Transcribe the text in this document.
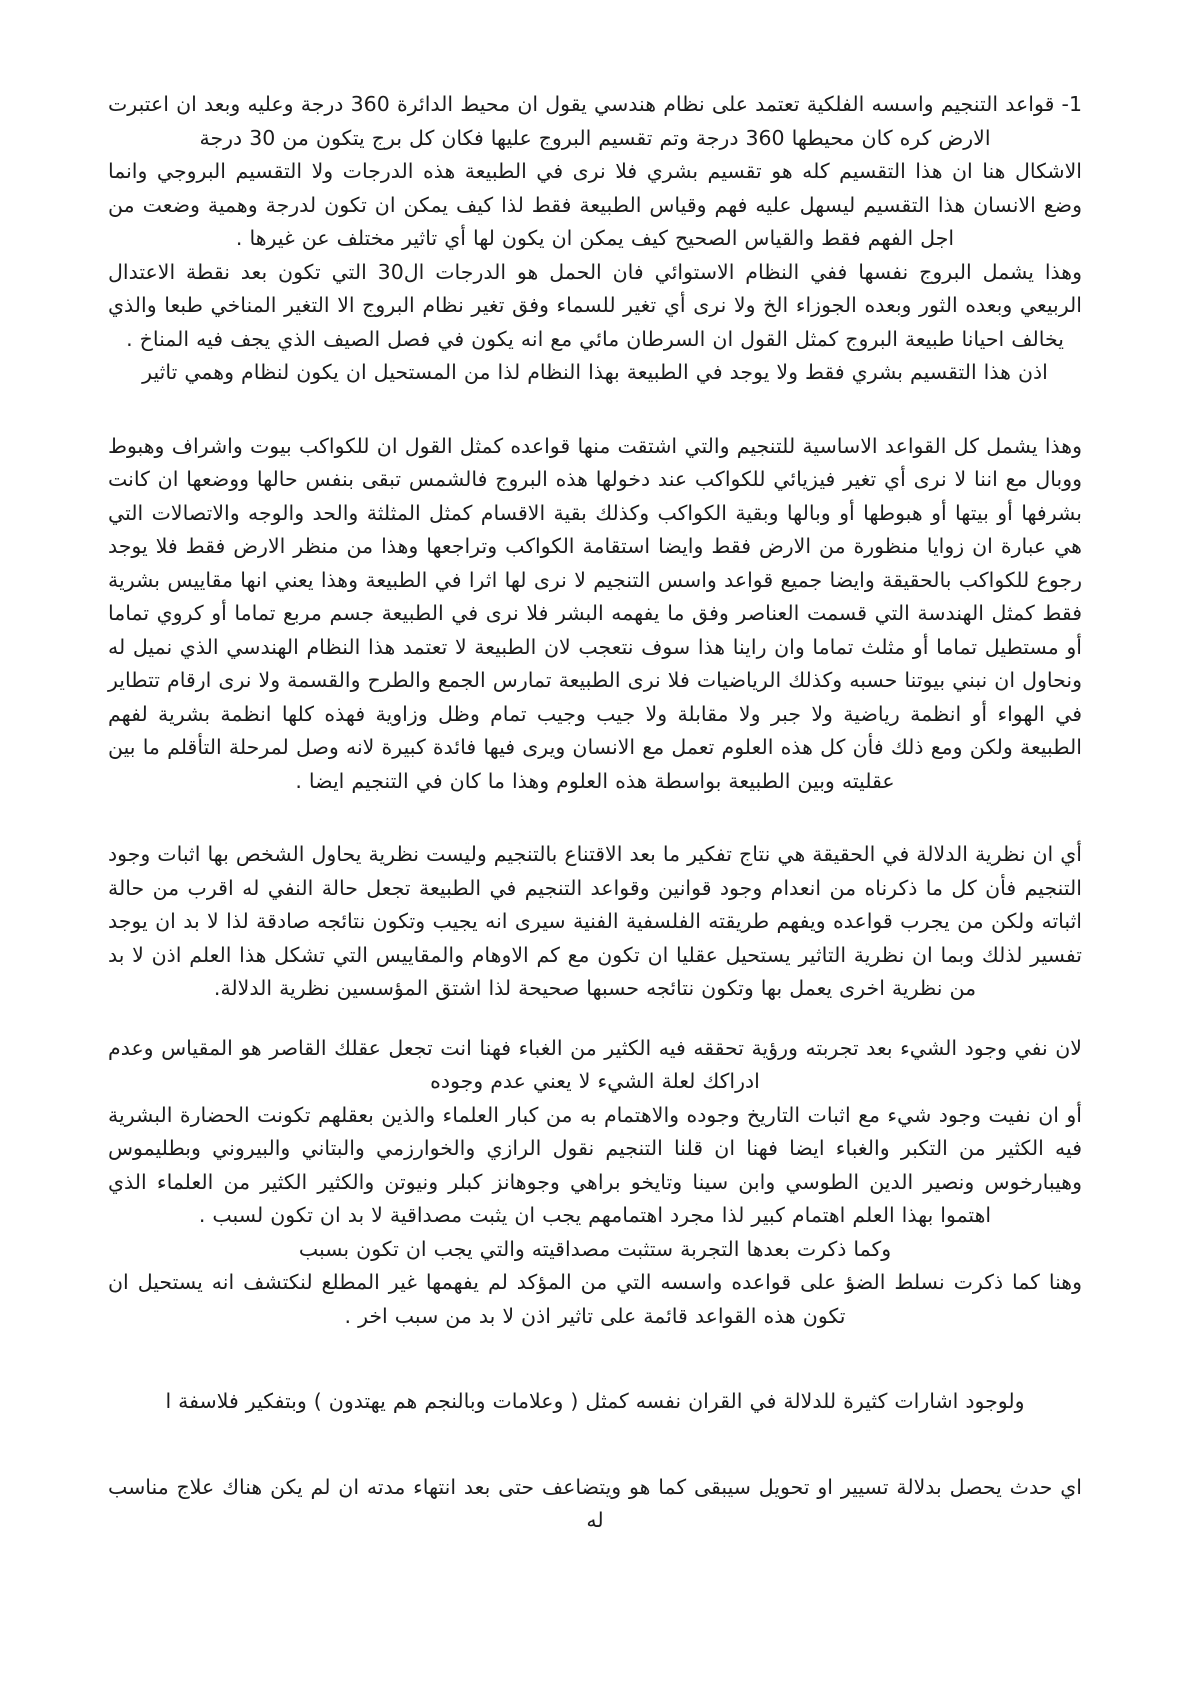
1- قواعد التنجيم واسسه الفلكية تعتمد على نظام هندسي يقول ان محيط الدائرة 360 درجة وعليه وبعد ان اعتبرت الارض كره كان محيطها 360 درجة وتم تقسيم البروج عليها فكان كل برج يتكون من 30 درجة

الاشكال هنا ان هذا التقسيم كله هو تقسيم بشري فلا نرى في الطبيعة هذه الدرجات ولا التقسيم البروجي وانما وضع الانسان هذا التقسيم ليسهل عليه فهم وقياس الطبيعة فقط لذا كيف يمكن ان تكون لدرجة وهمية وضعت من اجل الفهم فقط والقياس الصحيح كيف يمكن ان يكون لها أي تاثير مختلف عن غيرها .

وهذا يشمل البروج نفسها ففي النظام الاستوائي فان الحمل هو الدرجات ال30 التي تكون بعد نقطة الاعتدال الربيعي وبعده الثور وبعده الجوزاء الخ ولا نرى أي تغير للسماء وفق تغير نظام البروج الا التغير المناخي طبعا والذي يخالف احيانا طبيعة البروج كمثل القول ان السرطان مائي مع انه يكون في فصل الصيف الذي يجف فيه المناخ .

اذن هذا التقسيم بشري فقط ولا يوجد في الطبيعة بهذا النظام لذا من المستحيل ان يكون لنظام وهمي تاثير

وهذا يشمل كل القواعد الاساسية للتنجيم والتي اشتقت منها قواعده كمثل القول ان للكواكب بيوت واشراف وهبوط ووبال مع اننا لا نرى أي تغير فيزيائي للكواكب عند دخولها هذه البروج فالشمس تبقى بنفس حالها ووضعها ان كانت بشرفها أو بيتها أو هبوطها أو وبالها وبقية الكواكب وكذلك بقية الاقسام كمثل المثلثة والحد والوجه والاتصالات التي هي عبارة ان زوايا منظورة من الارض فقط وايضا استقامة الكواكب وتراجعها وهذا من منظر الارض فقط فلا يوجد رجوع للكواكب بالحقيقة وايضا جميع قواعد واسس التنجيم لا نرى لها اثرا في الطبيعة وهذا يعني انها مقاييس بشرية فقط كمثل الهندسة التي قسمت العناصر وفق ما يفهمه البشر فلا نرى في الطبيعة جسم مربع تماما أو كروي تماما أو مستطيل تماما أو مثلث تماما وان راينا هذا سوف نتعجب لان الطبيعة لا تعتمد هذا النظام الهندسي الذي نميل له ونحاول ان نبني بيوتنا حسبه وكذلك الرياضيات فلا نرى الطبيعة تمارس الجمع والطرح والقسمة ولا نرى ارقام تتطاير في الهواء أو انظمة رياضية ولا جبر ولا مقابلة ولا جيب وجيب تمام وظل وزاوية فهذه كلها انظمة بشرية لفهم الطبيعة ولكن ومع ذلك فأن كل هذه العلوم تعمل مع الانسان ويرى فيها فائدة كبيرة لانه وصل لمرحلة التأقلم ما بين عقليته وبين الطبيعة بواسطة هذه العلوم وهذا ما كان في التنجيم ايضا .

أي ان نظرية الدلالة في الحقيقة هي نتاج تفكير ما بعد الاقتناع بالتنجيم وليست نظرية يحاول الشخص بها اثبات وجود التنجيم فأن كل ما ذكرناه من انعدام وجود قوانين وقواعد التنجيم في الطبيعة تجعل حالة النفي له اقرب من حالة اثباته ولكن من يجرب قواعده ويفهم طريقته الفلسفية الفنية سيرى انه يجيب وتكون نتائجه صادقة لذا لا بد ان يوجد تفسير لذلك وبما ان نظرية التاثير يستحيل عقليا ان تكون مع كم الاوهام والمقاييس التي تشكل هذا العلم اذن لا بد من نظرية اخرى يعمل بها وتكون نتائجه حسبها صحيحة لذا اشتق المؤسسين نظرية الدلالة.

لان نفي وجود الشيء بعد تجربته ورؤية تحققه فيه الكثير من الغباء فهنا انت تجعل عقلك القاصر هو المقياس وعدم ادراكك لعلة الشيء لا يعني عدم وجوده

أو ان نفيت وجود شيء مع اثبات التاريخ وجوده والاهتمام به من كبار العلماء والذين بعقلهم تكونت الحضارة البشرية فيه الكثير من التكبر والغباء ايضا فهنا ان قلنا التنجيم نقول الرازي والخوارزمي والبتاني والبيروني وبطليموس وهيبارخوس ونصير الدين الطوسي وابن سينا وتايخو براهي وجوهانز كبلر ونيوتن والكثير الكثير من العلماء الذي اهتموا بهذا العلم اهتمام كبير لذا مجرد اهتمامهم يجب ان يثبت مصداقية لا بد ان تكون لسبب .

وكما ذكرت بعدها التجربة ستثبت مصداقيته والتي يجب ان تكون بسبب

وهنا كما ذكرت نسلط الضؤ على قواعده واسسه التي من المؤكد لم يفهمها غير المطلع لنكتشف انه يستحيل ان تكون هذه القواعد قائمة على تاثير اذن لا بد من سبب اخر .

ولوجود اشارات كثيرة للدلالة في القران نفسه كمثل ( وعلامات وبالنجم هم يهتدون ) وبتفكير فلاسفة ا

اي حدث يحصل بدلالة تسيير او تحويل سيبقى كما هو ويتضاعف حتى بعد انتهاء مدته ان لم يكن هناك علاج مناسب له
